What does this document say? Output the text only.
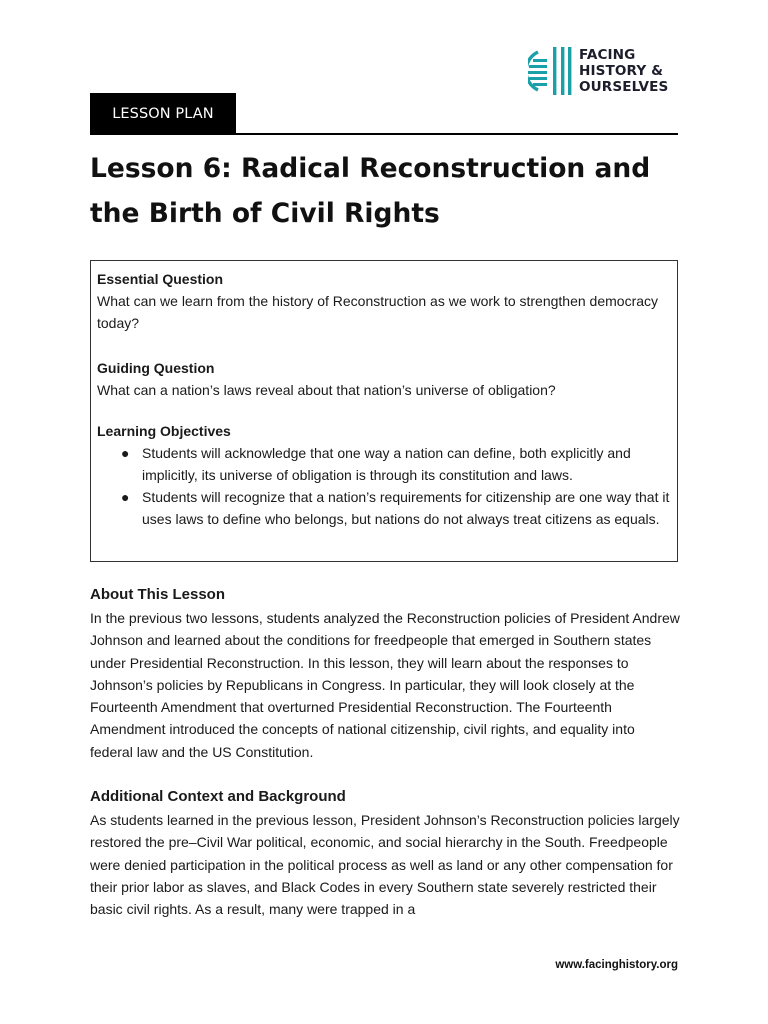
FACING
HISTORY &
OURSELVES
LESSON PLAN
Lesson 6: Radical Reconstruction and the Birth of Civil Rights
Essential Question

What can we learn from the history of Reconstruction as we work to strengthen democracy today?

Guiding Question

What can a nation’s laws reveal about that nation’s universe of obligation?

Learning Objectives
● Students will acknowledge that one way a nation can define, both explicitly and implicitly, its universe of obligation is through its constitution and laws.
● Students will recognize that a nation’s requirements for citizenship are one way that it uses laws to define who belongs, but nations do not always treat citizens as equals.
About This Lesson

In the previous two lessons, students analyzed the Reconstruction policies of President Andrew Johnson and learned about the conditions for freedpeople that emerged in Southern states under Presidential Reconstruction. In this lesson, they will learn about the responses to Johnson’s policies by Republicans in Congress. In particular, they will look closely at the Fourteenth Amendment that overturned Presidential Reconstruction. The Fourteenth Amendment introduced the concepts of national citizenship, civil rights, and equality into federal law and the US Constitution.

Additional Context and Background

As students learned in the previous lesson, President Johnson’s Reconstruction policies largely restored the pre–Civil War political, economic, and social hierarchy in the South. Freedpeople were denied participation in the political process as well as land or any other compensation for their prior labor as slaves, and Black Codes in every Southern state severely restricted their basic civil rights. As a result, many were trapped in a

www.facinghistory.org
